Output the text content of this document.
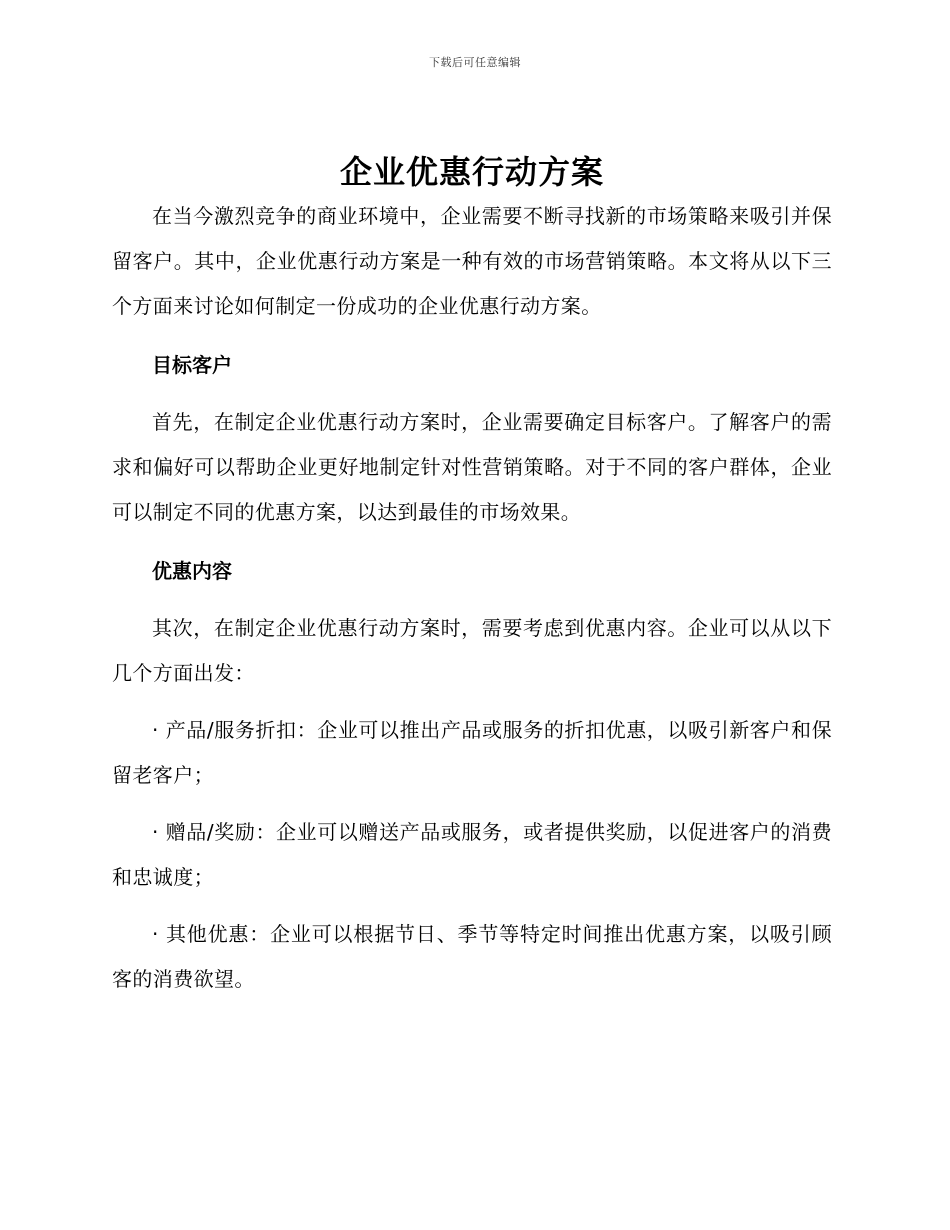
下载后可任意编辑
企业优惠行动方案

在当今激烈竞争的商业环境中，企业需要不断寻找新的市场策略来吸引并保留客户。其中，企业优惠行动方案是一种有效的市场营销策略。本文将从以下三个方面来讨论如何制定一份成功的企业优惠行动方案。

目标客户

首先，在制定企业优惠行动方案时，企业需要确定目标客户。了解客户的需求和偏好可以帮助企业更好地制定针对性营销策略。对于不同的客户群体，企业可以制定不同的优惠方案，以达到最佳的市场效果。

优惠内容

其次，在制定企业优惠行动方案时，需要考虑到优惠内容。企业可以从以下几个方面出发：

· 产品/服务折扣：企业可以推出产品或服务的折扣优惠，以吸引新客户和保留老客户；

· 赠品/奖励：企业可以赠送产品或服务，或者提供奖励，以促进客户的消费和忠诚度；

· 其他优惠：企业可以根据节日、季节等特定时间推出优惠方案，以吸引顾客的消费欲望。
